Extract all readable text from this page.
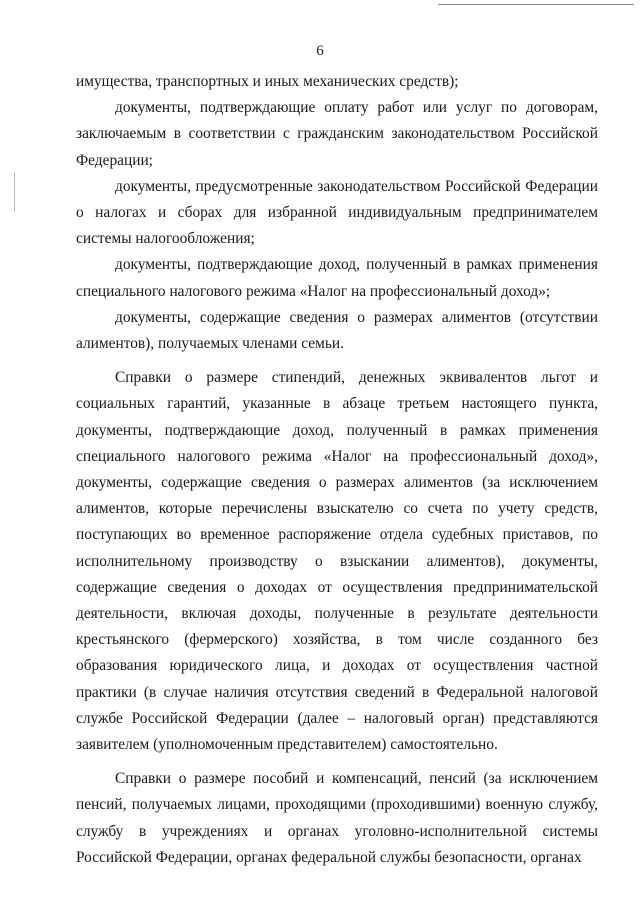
6

имущества, транспортных и иных механических средств);

документы, подтверждающие оплату работ или услуг по договорам, заключаемым в соответствии с гражданским законодательством Российской Федерации;

документы, предусмотренные законодательством Российской Федерации о налогах и сборах для избранной индивидуальным предпринимателем системы налогообложения;

документы, подтверждающие доход, полученный в рамках применения специального налогового режима «Налог на профессиональный доход»;

документы, содержащие сведения о размерах алиментов (отсутствии алиментов), получаемых членами семьи.

Справки о размере стипендий, денежных эквивалентов льгот и социальных гарантий, указанные в абзаце третьем настоящего пункта, документы, подтверждающие доход, полученный в рамках применения специального налогового режима «Налог на профессиональный доход», документы, содержащие сведения о размерах алиментов (за исключением алиментов, которые перечислены взыскателю со счета по учету средств, поступающих во временное распоряжение отдела судебных приставов, по исполнительному производству о взыскании алиментов), документы, содержащие сведения о доходах от осуществления предпринимательской деятельности, включая доходы, полученные в результате деятельности крестьянского (фермерского) хозяйства, в том числе созданного без образования юридического лица, и доходах от осуществления частной практики (в случае наличия отсутствия сведений в Федеральной налоговой службе Российской Федерации (далее – налоговый орган) представляются заявителем (уполномоченным представителем) самостоятельно.

Справки о размере пособий и компенсаций, пенсий (за исключением пенсий, получаемых лицами, проходящими (проходившими) военную службу, службу в учреждениях и органах уголовно-исполнительной системы Российской Федерации, органах федеральной службы безопасности, органах
